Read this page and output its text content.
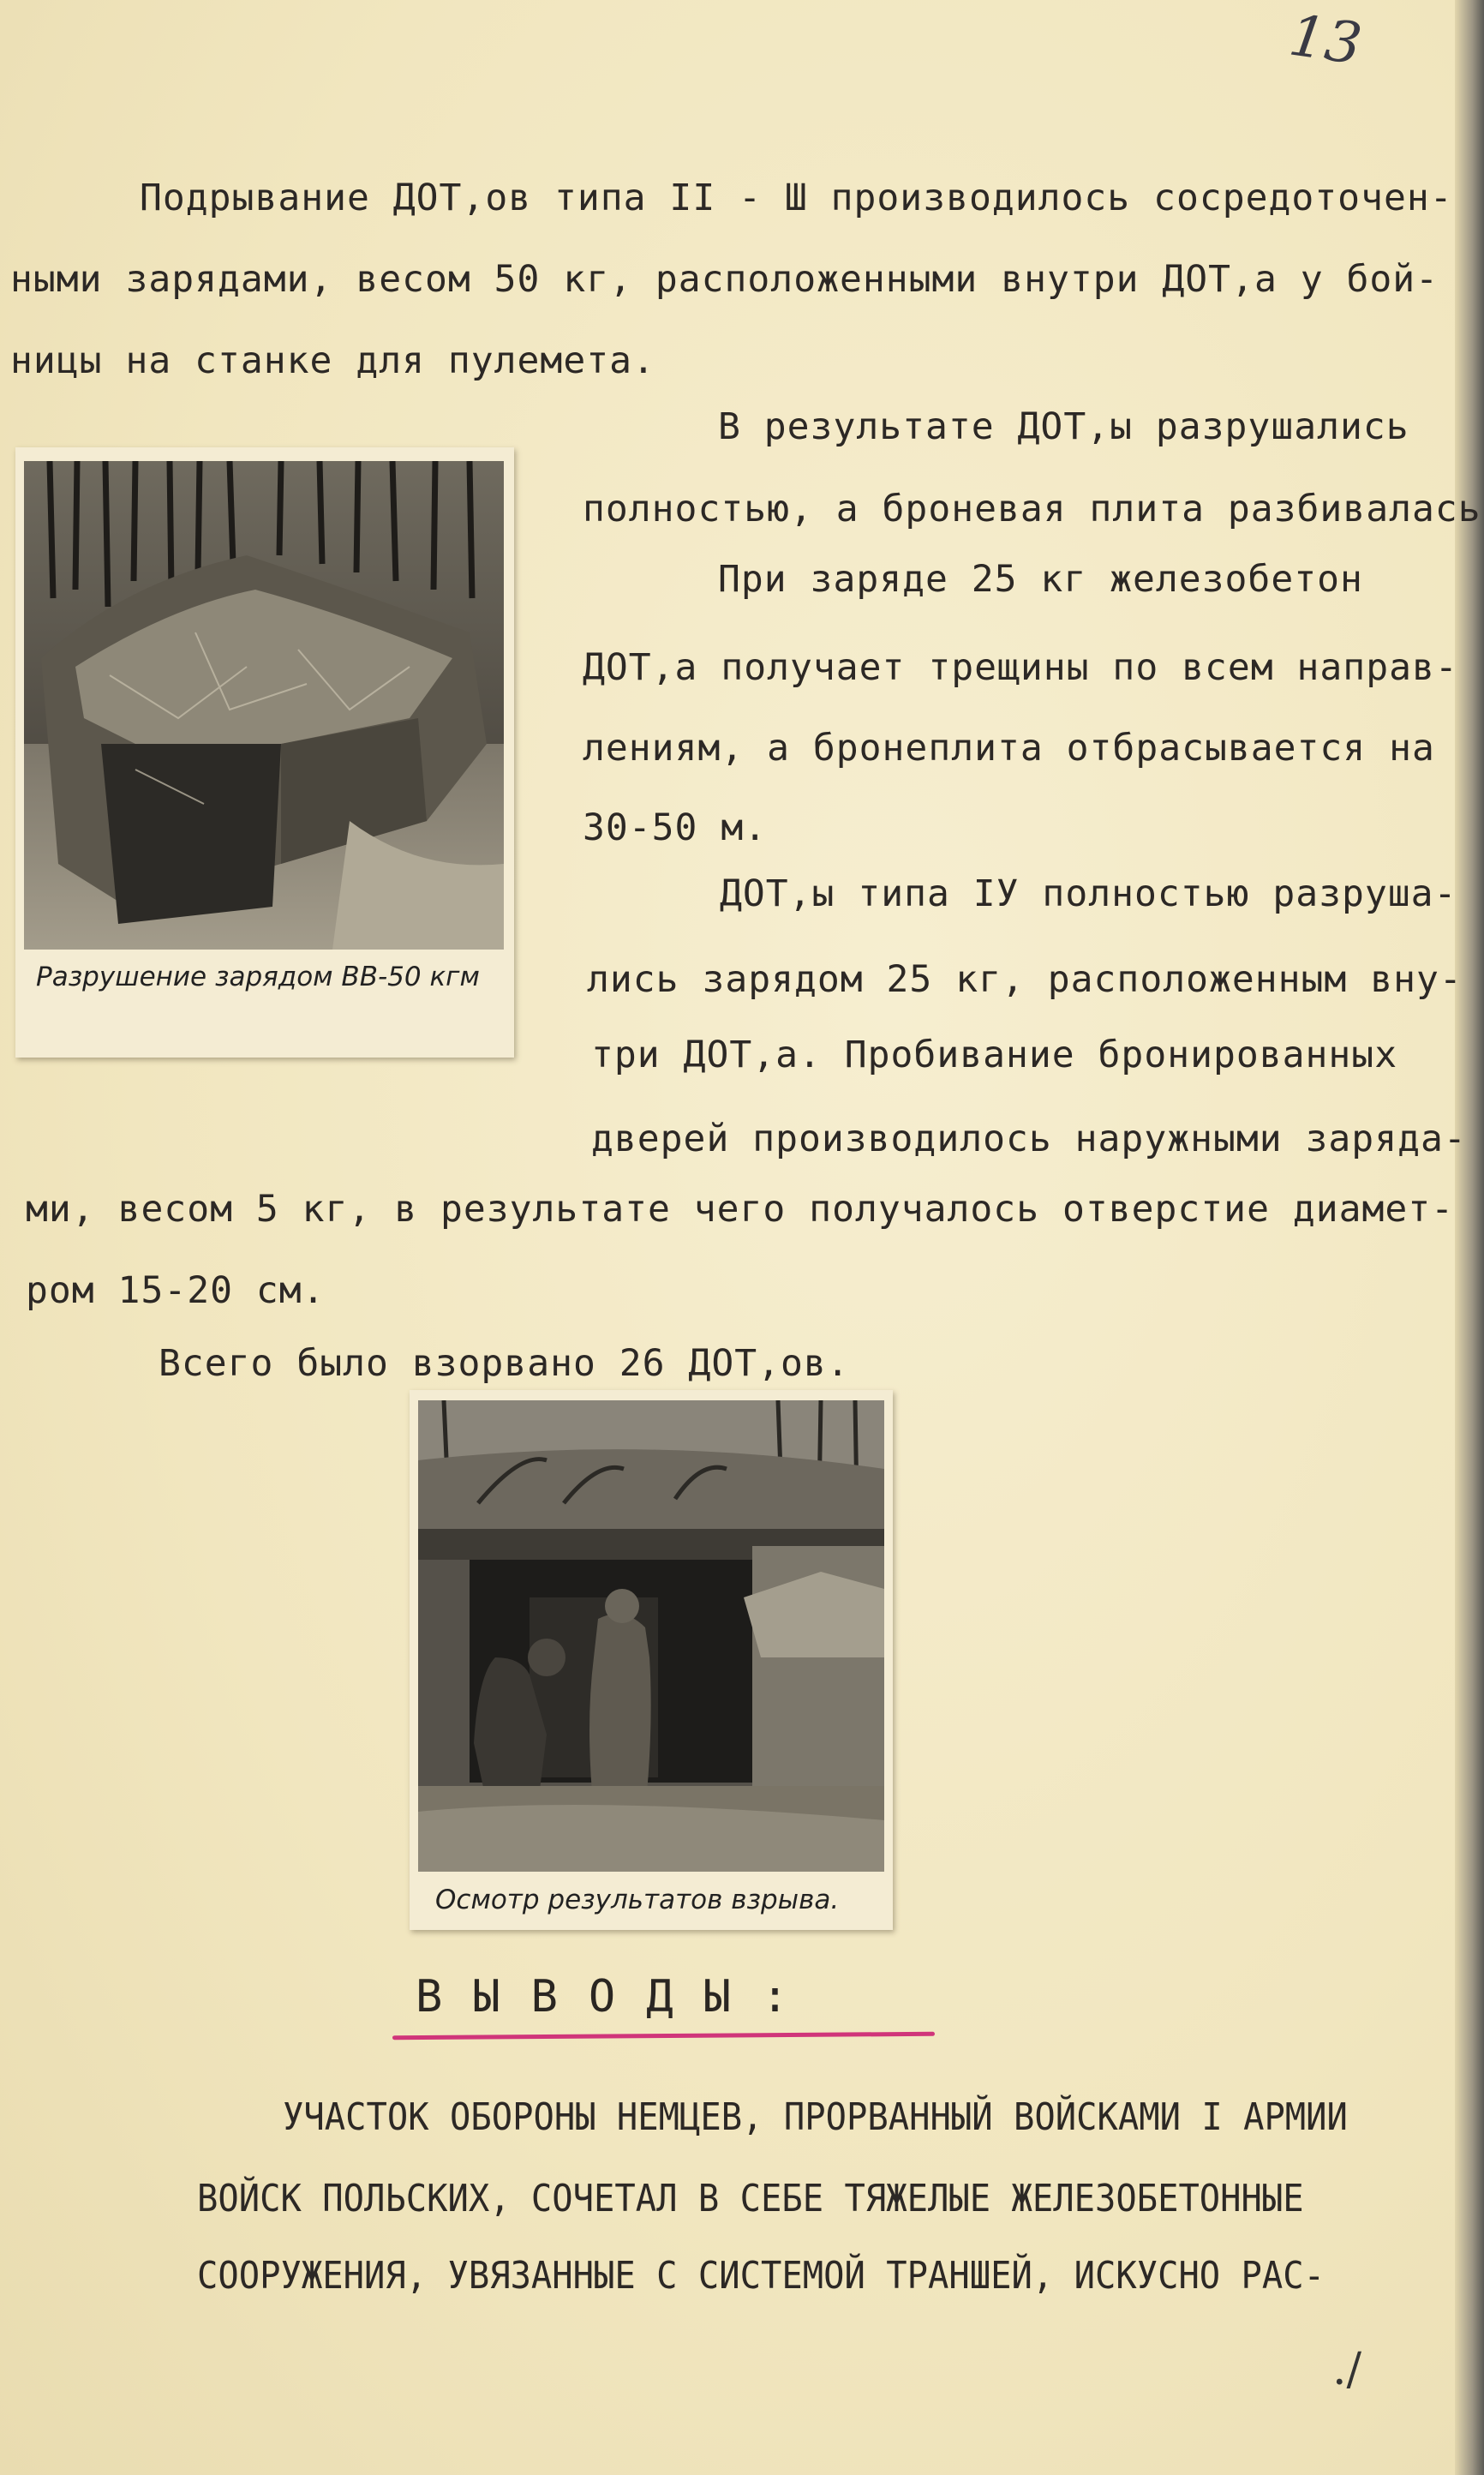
13
Подрывание ДОТ,ов типа II - Ш производилось сосредоточен-
ными зарядами, весом 50 кг, расположенными внутри ДОТ,а у бой-
ницы на станке для пулемета.
В результате ДОТ,ы разрушались
полностью, а броневая плита разбивалась
При заряде 25 кг железобетон
ДОТ,а получает трещины по всем направ-
лениям, а бронеплита отбрасывается на
30-50 м.
ДОТ,ы типа IУ полностью разруша-
лись зарядом 25 кг, расположенным вну-
три ДОТ,а. Пробивание бронированных
дверей производилось наружными заряда-
ми, весом 5 кг, в результате чего получалось отверстие диамет-
ром 15-20 см.
Всего было взорвано 26 ДОТ,ов.
Разрушение зарядом ВВ-50 кгм
Осмотр результатов взрыва.
ВЫВОДЫ:
УЧАСТОК ОБОРОНЫ НЕМЦЕВ, ПРОРВАННЫЙ ВОЙСКАМИ I АРМИИ
ВОЙСК ПОЛЬСКИХ, СОЧЕТАЛ В СЕБЕ ТЯЖЕЛЫЕ ЖЕЛЕЗОБЕТОННЫЕ
СООРУЖЕНИЯ, УВЯЗАННЫЕ С СИСТЕМОЙ ТРАНШЕЙ, ИСКУСНО РАС-
./
